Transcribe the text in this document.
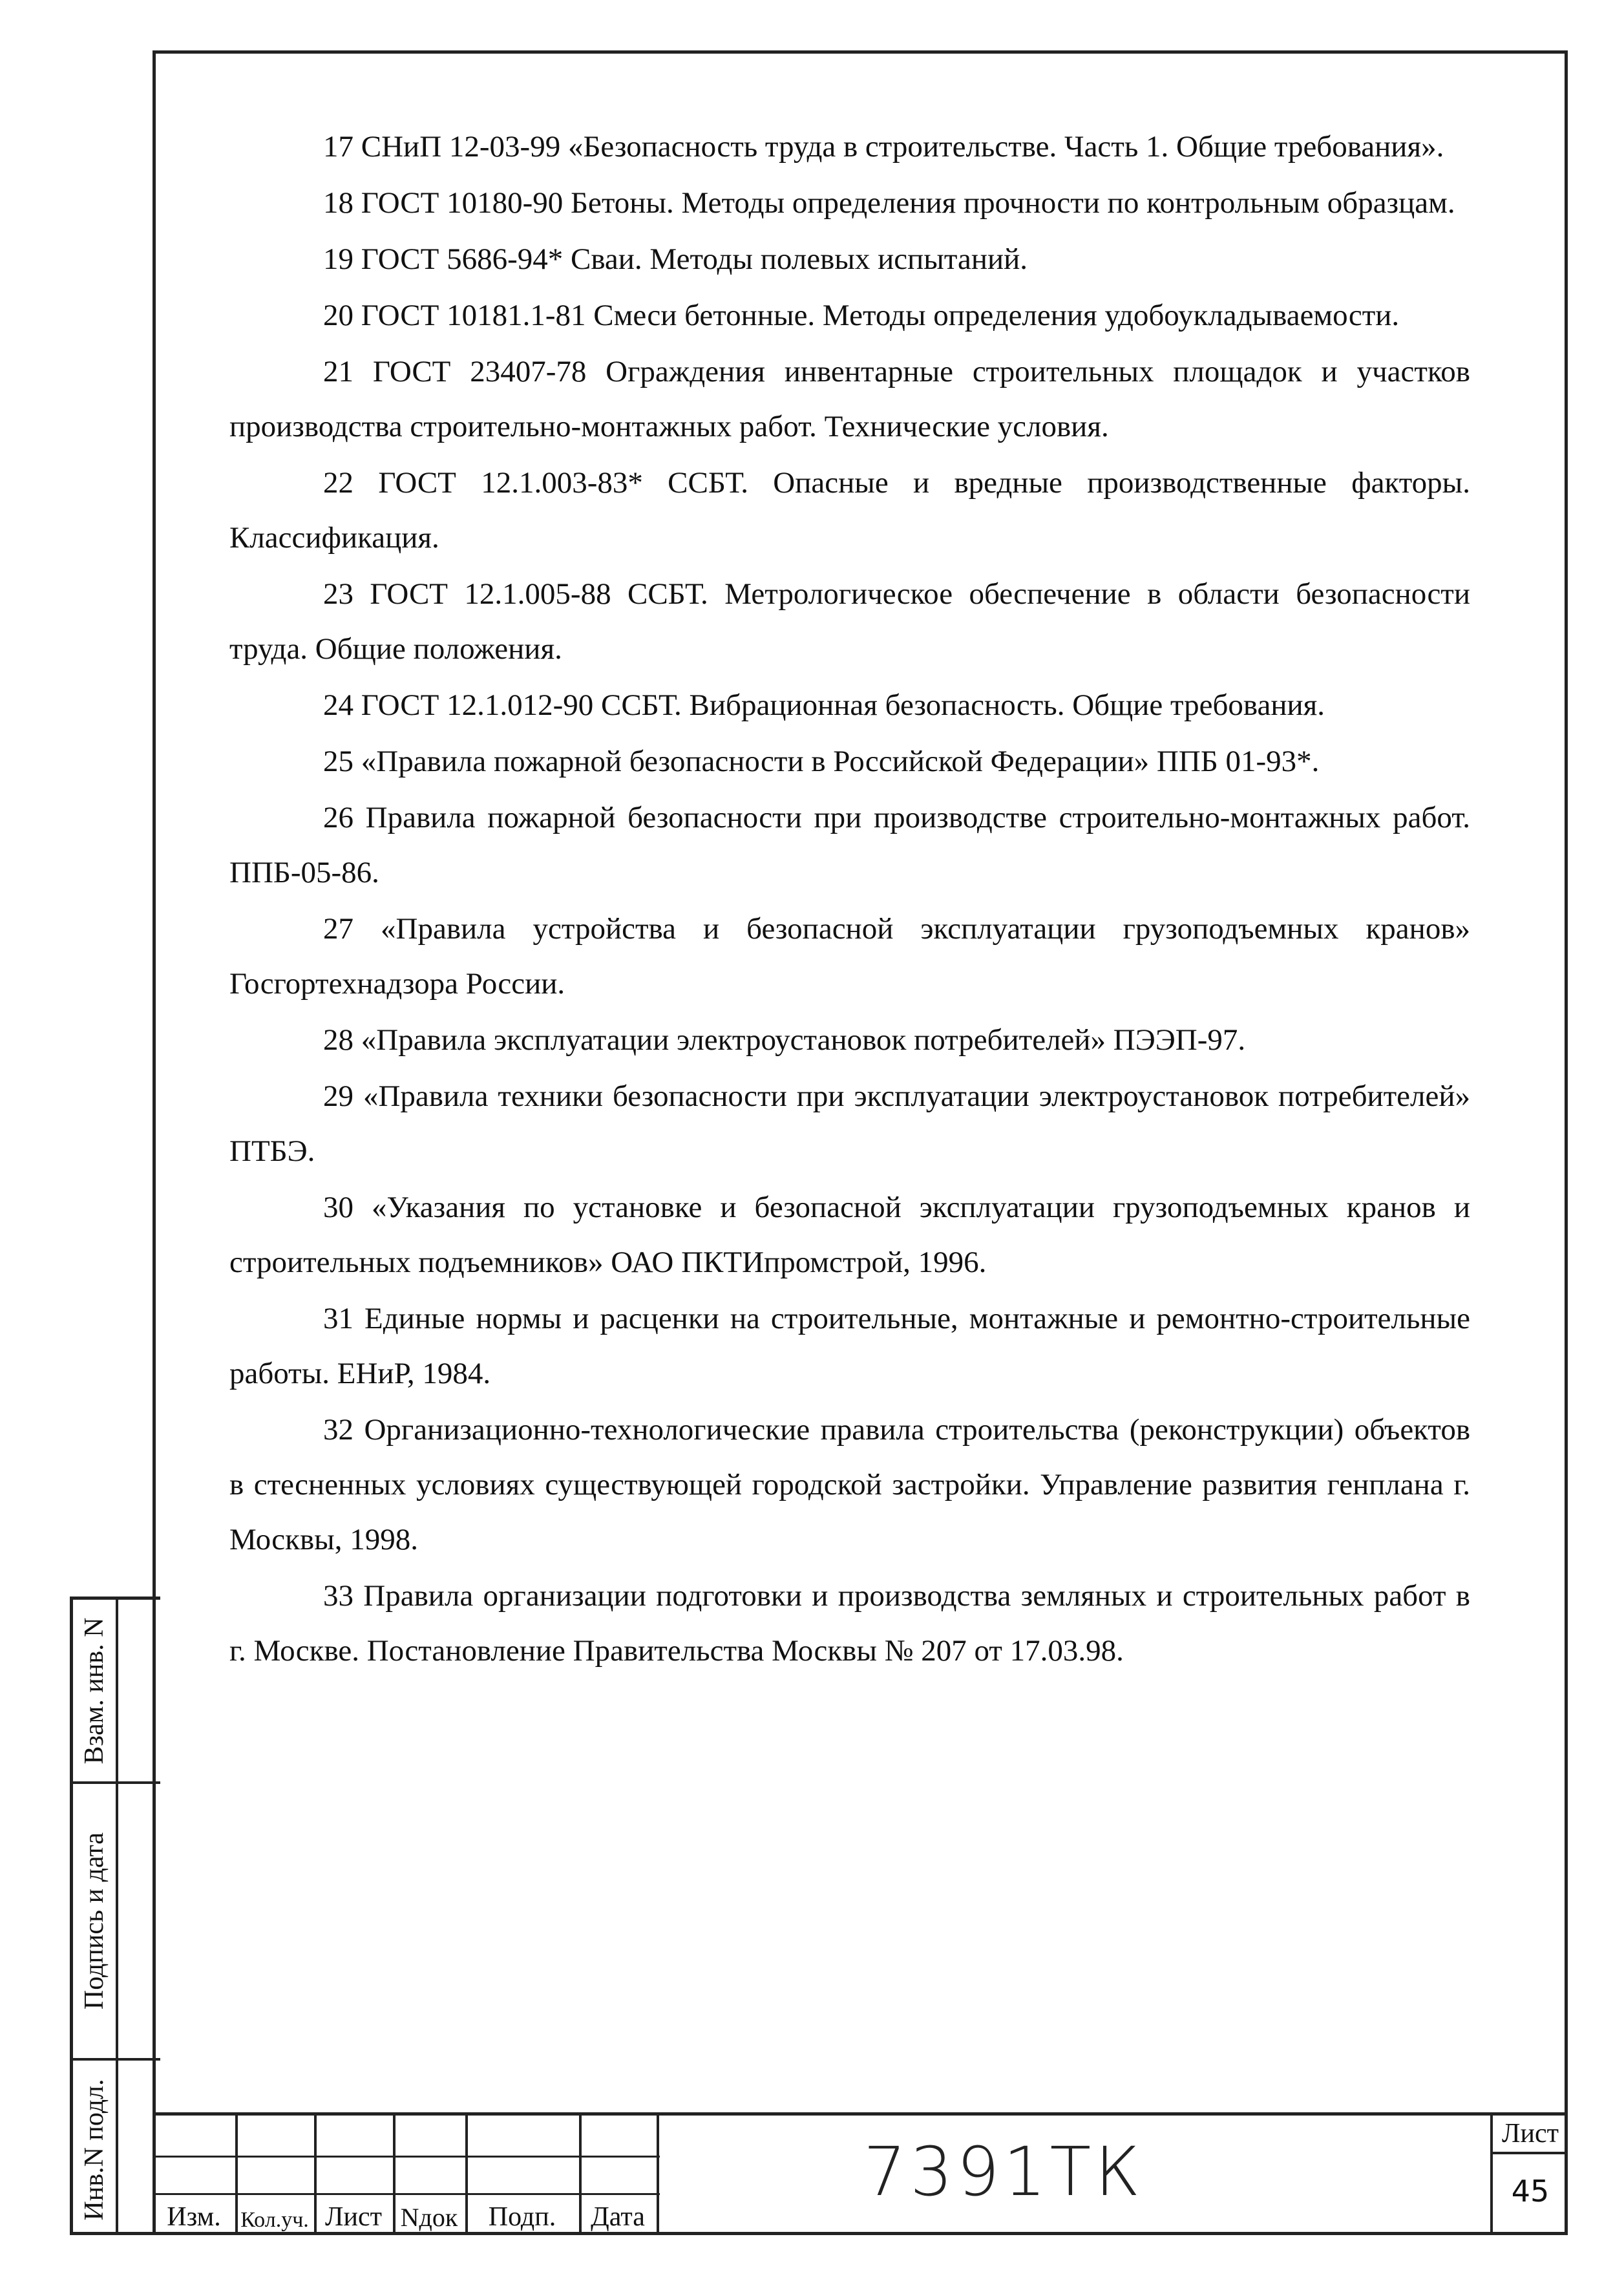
17 СНиП 12-03-99 «Безопасность труда в строительстве. Часть 1. Общие требования».

18 ГОСТ 10180-90 Бетоны. Методы определения прочности по контрольным образцам.

19 ГОСТ 5686-94* Сваи. Методы полевых испытаний.

20 ГОСТ 10181.1-81 Смеси бетонные. Методы определения удобоукладываемости.

21 ГОСТ 23407-78 Ограждения инвентарные строительных площадок и участков производства строительно-монтажных работ. Технические условия.

22 ГОСТ 12.1.003-83* ССБТ. Опасные и вредные производственные факторы. Классификация.

23 ГОСТ 12.1.005-88 ССБТ. Метрологическое обеспечение в области безопасности труда. Общие положения.

24 ГОСТ 12.1.012-90 ССБТ. Вибрационная безопасность. Общие требования.

25 «Правила пожарной безопасности в Российской Федерации» ППБ 01-93*.

26 Правила пожарной безопасности при производстве строительно-монтажных работ. ППБ-05-86.

27 «Правила устройства и безопасной эксплуатации грузоподъемных кранов» Госгортехнадзора России.

28 «Правила эксплуатации электроустановок потребителей» ПЭЭП-97.

29 «Правила техники безопасности при эксплуатации электроустановок потребителей» ПТБЭ.

30 «Указания по установке и безопасной эксплуатации грузоподъемных кранов и строительных подъемников» ОАО ПКТИпромстрой, 1996.

31 Единые нормы и расценки на строительные, монтажные и ремонтно-строительные работы. ЕНиР, 1984.

32 Организационно-технологические правила строительства (реконструкции) объектов в стесненных условиях существующей городской застройки. Управление развития генплана г. Москвы, 1998.

33 Правила организации подготовки и производства земляных и строительных работ в г. Москве. Постановление Правительства Москвы № 207 от 17.03.98.

Взам. инв. N
Подпись и дата
Инв.N подл.	Изм. Кол.уч. Лист Nдок	Подп.	Дата
7391ТК	Лист
45
